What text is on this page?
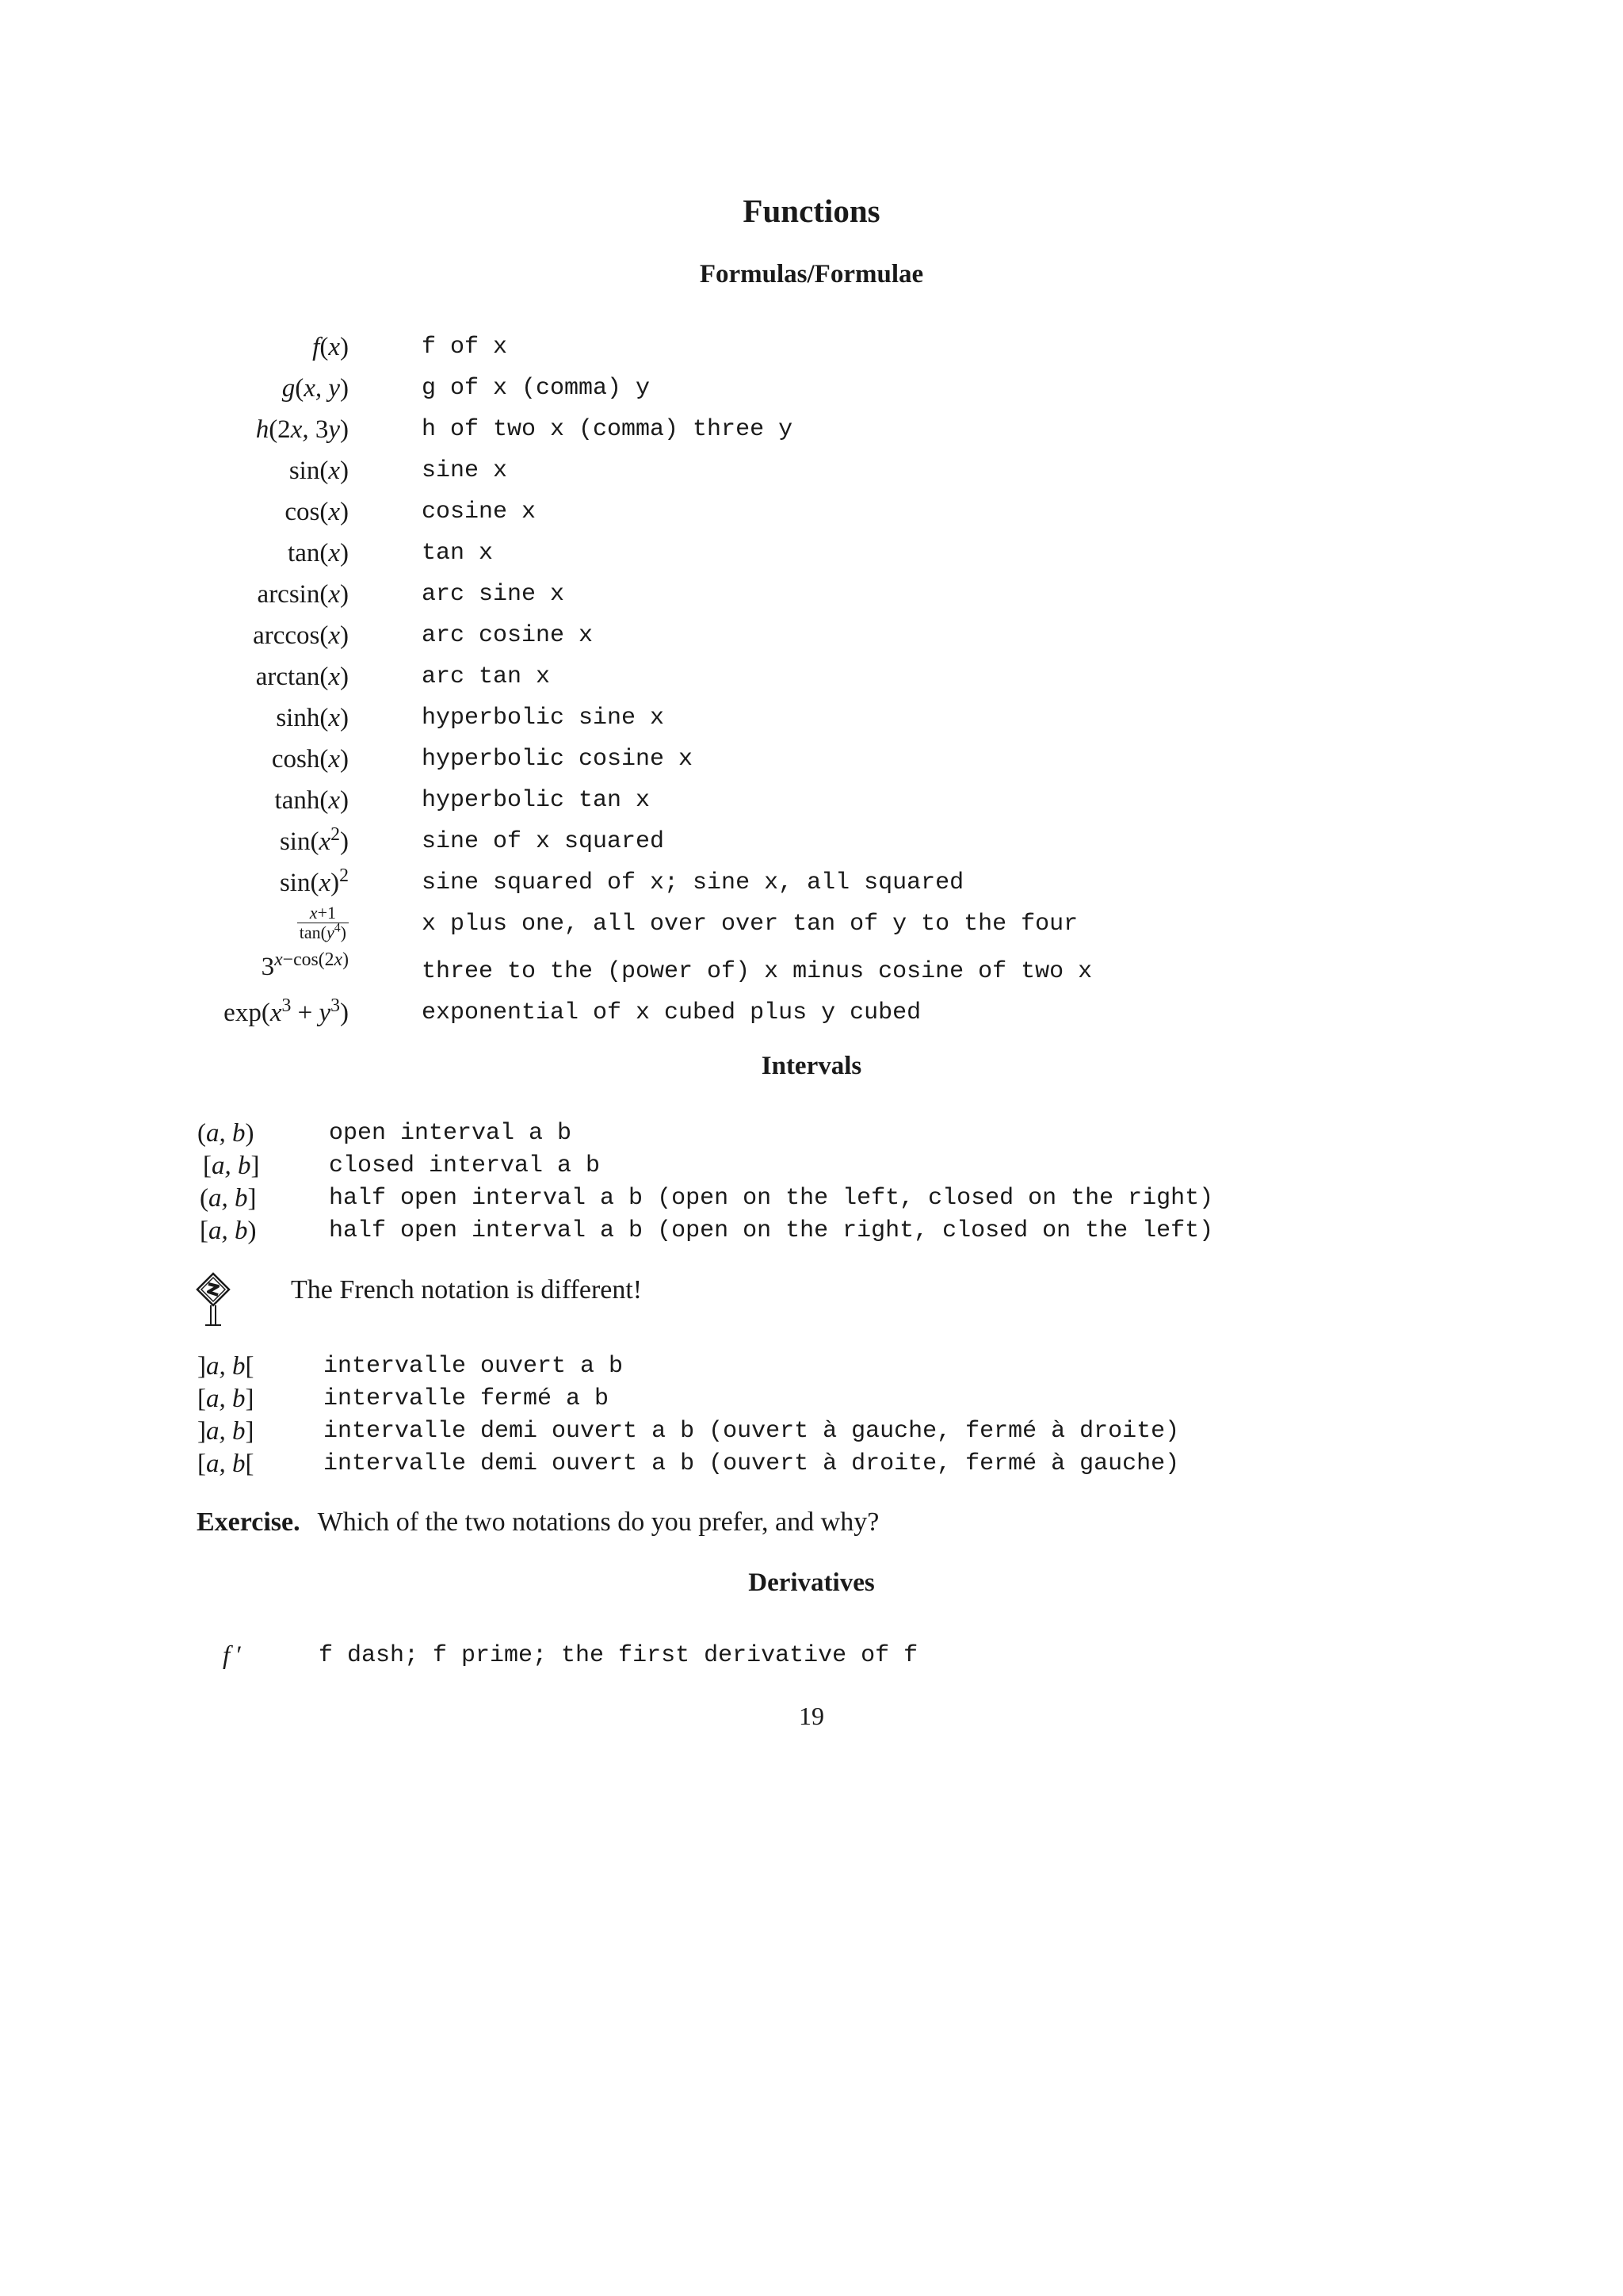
Functions
Formulas/Formulae
f(x)	f of x
g(x, y)	g of x (comma) y
h(2x, 3y)	h of two x (comma) three y
sin(x)	sine x
cos(x)	cosine x
tan(x)	tan x
arcsin(x)	arc sine x
arccos(x)	arc cosine x
arctan(x)	arc tan x
sinh(x)	hyperbolic sine x
cosh(x)	hyperbolic cosine x
tanh(x)	hyperbolic tan x
$\sin(x^2)$	sine of x squared
$\sin(x)^2$	sine squared of x; sine x, all squared
$\frac{x+1}{\tan(y^4)}$	x plus one, all over over tan of y to the four
$3^{x-cos(2x)}$	three to the (power of) x minus cosine of two x
$\exp(x^3 + y^3)$	exponential of x cubed plus y cubed
Intervals
(a, b)	open interval a b
[a, b]	closed interval a b
(a, b]	half open interval a b (open on the left, closed on the right)
[a, b)	half open interval a b (open on the right, closed on the left)
The French notation is different!
]a, b[	intervalle ouvert a b
[a, b]	intervalle fermé a b
]a, b]	intervalle demi ouvert a b (ouvert à gauche, fermé à droite)
[a, b[	intervalle demi ouvert a b (ouvert à droite, fermé à gauche)
Exercise. Which of the two notations do you prefer, and why?
Derivatives
f ′	f dash; f prime; the first derivative of f
19
